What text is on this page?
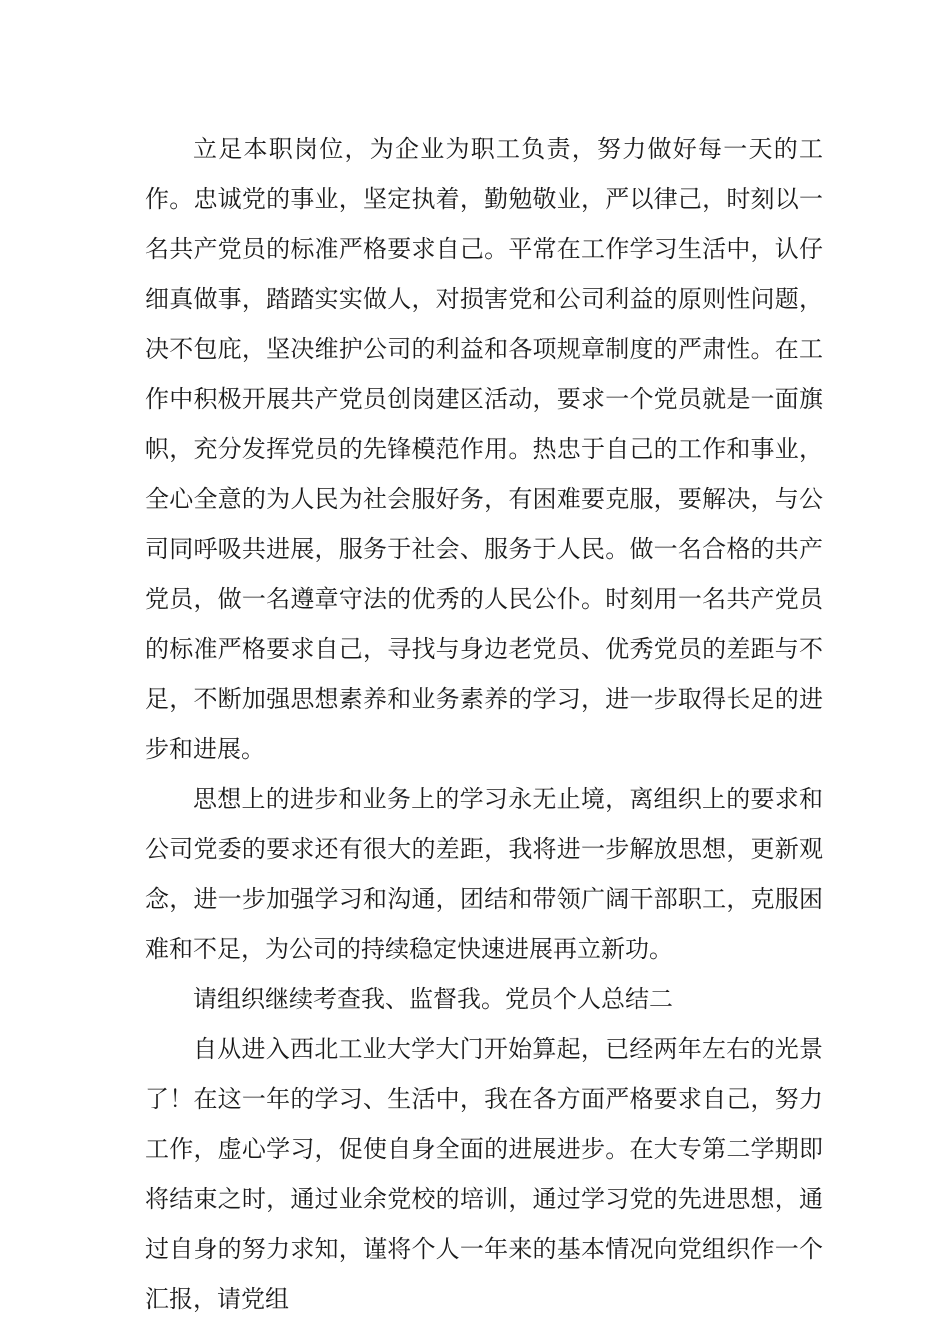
立足本职岗位，为企业为职工负责，努力做好每一天的工作。忠诚党的事业，坚定执着，勤勉敬业，严以律己，时刻以一名共产党员的标准严格要求自己。平常在工作学习生活中，认仔细真做事，踏踏实实做人，对损害党和公司利益的原则性问题，决不包庇，坚决维护公司的利益和各项规章制度的严肃性。在工作中积极开展共产党员创岗建区活动，要求一个党员就是一面旗帜，充分发挥党员的先锋模范作用。热忠于自己的工作和事业，全心全意的为人民为社会服好务，有困难要克服，要解决，与公司同呼吸共进展，服务于社会、服务于人民。做一名合格的共产党员，做一名遵章守法的优秀的人民公仆。时刻用一名共产党员的标准严格要求自己，寻找与身边老党员、优秀党员的差距与不足，不断加强思想素养和业务素养的学习，进一步取得长足的进步和进展。

思想上的进步和业务上的学习永无止境，离组织上的要求和公司党委的要求还有很大的差距，我将进一步解放思想，更新观念，进一步加强学习和沟通，团结和带领广阔干部职工，克服困难和不足，为公司的持续稳定快速进展再立新功。

请组织继续考查我、监督我。党员个人总结二

自从进入西北工业大学大门开始算起，已经两年左右的光景了！在这一年的学习、生活中，我在各方面严格要求自己，努力工作，虚心学习，促使自身全面的进展进步。在大专第二学期即将结束之时，通过业余党校的培训，通过学习党的先进思想，通过自身的努力求知，谨将个人一年来的基本情况向党组织作一个汇报，请党组
